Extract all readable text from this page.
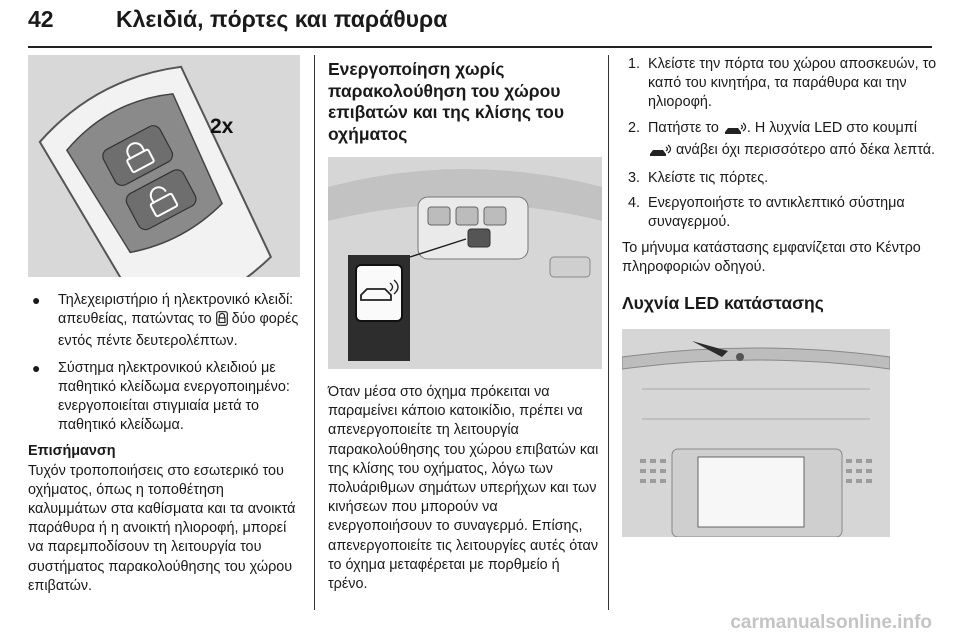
42	Κλειδιά, πόρτες και παράθυρα
2x
● Τηλεχειριστήριο ή ηλεκτρονικό κλειδί: απευθείας, πατώντας το δύο φορές εντός πέντε δευτερολέπτων.
● Σύστημα ηλεκτρονικού κλειδιού με παθητικό κλείδωμα ενεργοποιημένο: ενεργοποιείται στιγμιαία μετά το παθητικό κλείδωμα.
Επισήμανση

Τυχόν τροποποιήσεις στο εσωτερικό του οχήματος, όπως η τοποθέτηση καλυμμάτων στα καθίσματα και τα ανοικτά παράθυρα ή η ανοικτή ηλιοροφή, μπορεί να παρεμποδίσουν τη λειτουργία του συστήματος παρακολούθησης του χώρου επιβατών.

Ενεργοποίηση χωρίς παρακολούθηση του χώρου επιβατών και της κλίσης του οχήματος

Όταν μέσα στο όχημα πρόκειται να παραμείνει κάποιο κατοικίδιο, πρέπει να απενεργοποιείτε τη λειτουργία παρακολούθησης του χώρου επιβατών και της κλίσης του οχήματος, λόγω των πολυάριθμων σημάτων υπερήχων και των κινήσεων που μπορούν να ενεργοποιήσουν το συναγερμό. Επίσης, απενεργοποιείτε τις λειτουργίες αυτές όταν το όχημα μεταφέρεται με πορθμείο ή τρένο.

1. Κλείστε την πόρτα του χώρου αποσκευών, το καπό του κινητήρα, τα παράθυρα και την ηλιοροφή.
2. Πατήστε το . Η λυχνία LED στο κουμπί  ανάβει όχι περισσότερο από δέκα λεπτά.
3. Κλείστε τις πόρτες.
4. Ενεργοποιήστε το αντικλεπτικό σύστημα συναγερμού.

Το μήνυμα κατάστασης εμφανίζεται στο Κέντρο πληροφοριών οδηγού.

Λυχνία LED κατάστασης
carmanualsonline.info
